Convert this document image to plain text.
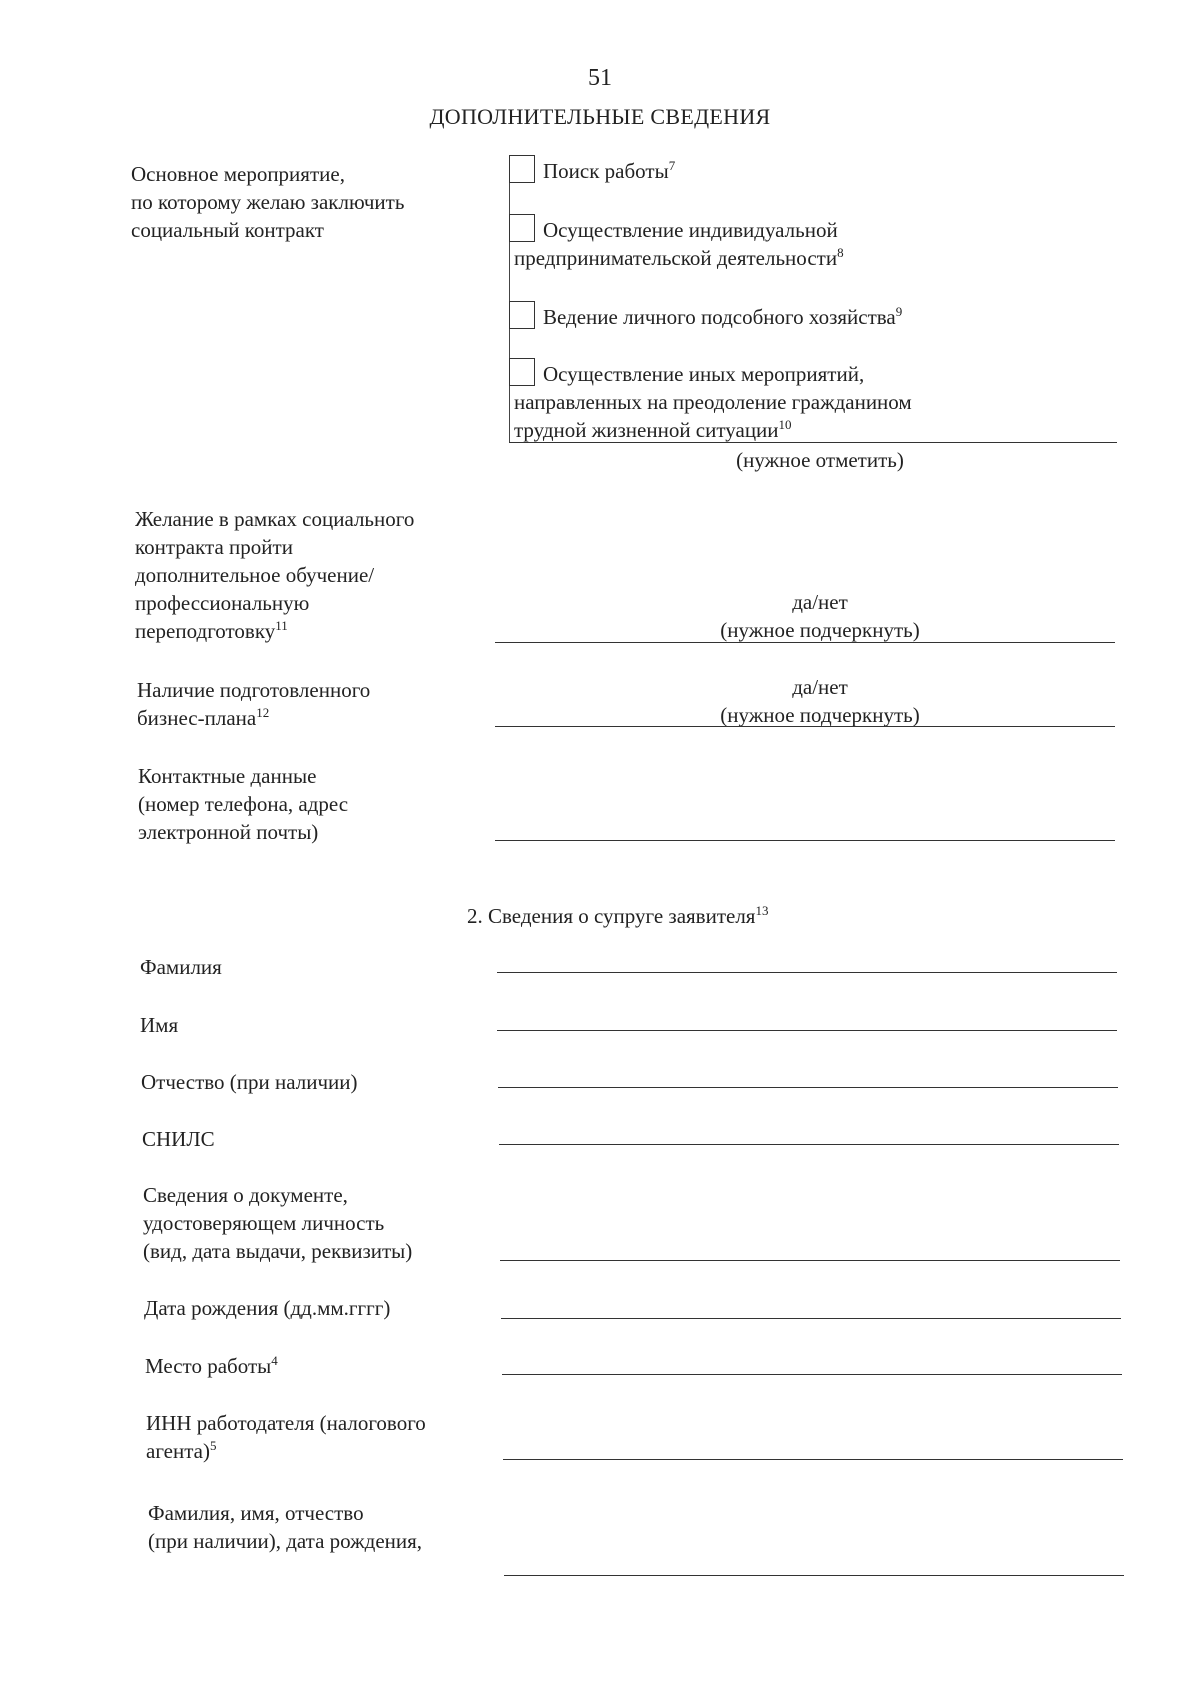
51
ДОПОЛНИТЕЛЬНЫЕ СВЕДЕНИЯ
Основное мероприятие,
по которому желаю заключить
социальный контракт
Поиск работы$^7$
Осуществление индивидуальной
предпринимательской деятельности$^8$
Ведение личного подсобного хозяйства$^9$
Осуществление иных мероприятий,
направленных на преодоление гражданином
трудной жизненной ситуации$^{10}$
(нужное отметить)
Желание в рамках социального
контракта пройти
дополнительное обучение/
профессиональную
переподготовку$^{11}$
да/нет
(нужное подчеркнуть)
Наличие подготовленного
бизнес-плана$^{12}$
да/нет
(нужное подчеркнуть)
Контактные данные
(номер телефона, адрес
электронной почты)
2. Сведения о супруге заявителя$^{13}$
Фамилия
Имя
Отчество (при наличии)
СНИЛС
Сведения о документе,
удостоверяющем личность
(вид, дата выдачи, реквизиты)
Дата рождения (дд.мм.гггг)
Место работы$^4$
ИНН работодателя (налогового
агента)$^5$
Фамилия, имя, отчество
(при наличии), дата рождения,
